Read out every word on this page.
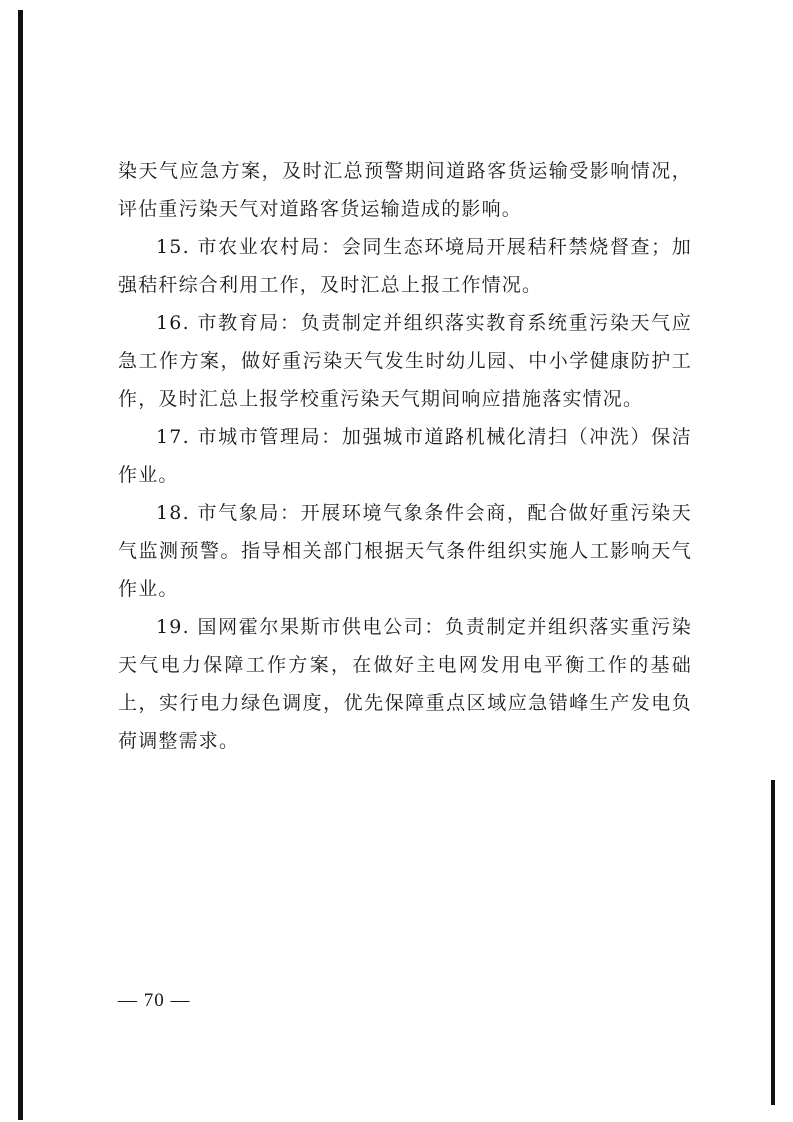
染天气应急方案，及时汇总预警期间道路客货运输受影响情况，评估重污染天气对道路客货运输造成的影响。

15. 市农业农村局：会同生态环境局开展秸秆禁烧督查；加强秸秆综合利用工作，及时汇总上报工作情况。

16. 市教育局：负责制定并组织落实教育系统重污染天气应急工作方案，做好重污染天气发生时幼儿园、中小学健康防护工作，及时汇总上报学校重污染天气期间响应措施落实情况。

17. 市城市管理局：加强城市道路机械化清扫（冲洗）保洁作业。

18. 市气象局：开展环境气象条件会商，配合做好重污染天气监测预警。指导相关部门根据天气条件组织实施人工影响天气作业。

19. 国网霍尔果斯市供电公司：负责制定并组织落实重污染天气电力保障工作方案，在做好主电网发用电平衡工作的基础上，实行电力绿色调度，优先保障重点区域应急错峰生产发电负荷调整需求。

— 70 —
